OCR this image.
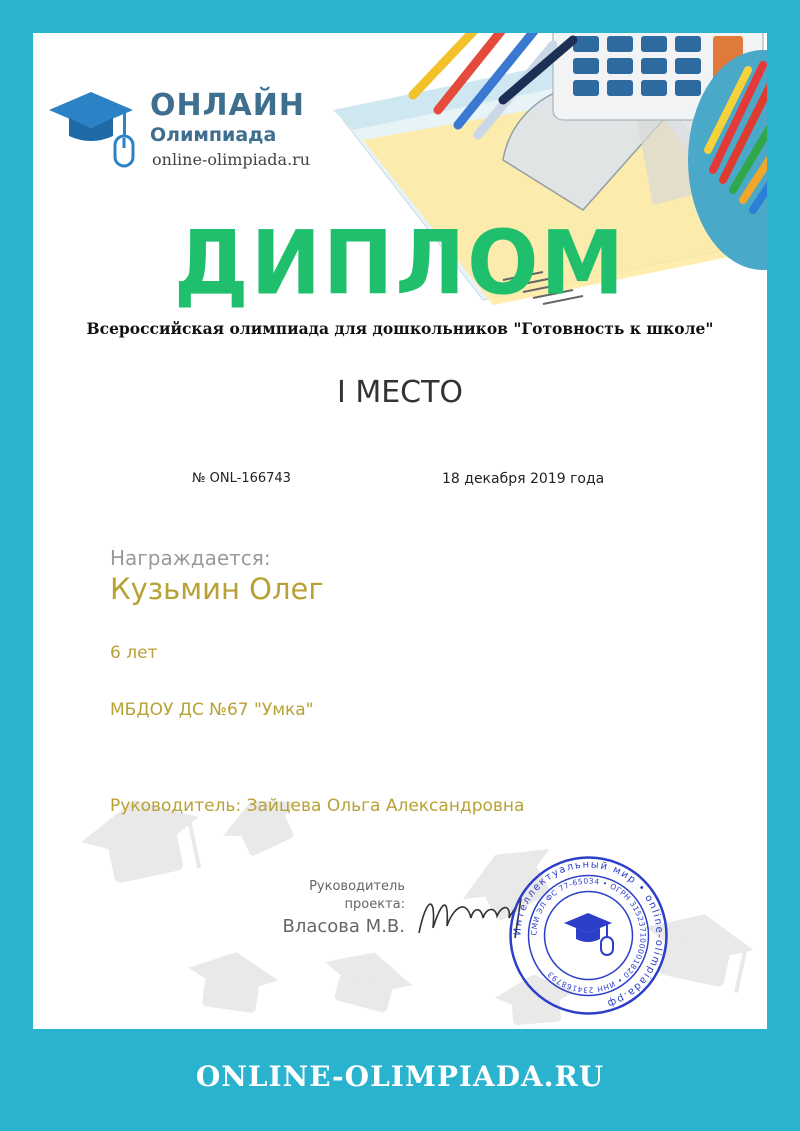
ОНЛАЙН
Олимпиада
online-olimpiada.ru
ДИПЛОМ
Всероссийская олимпиада для дошкольников "Готовность к школе"
I МЕСТО
№ ONL-166743	18 декабря 2019 года
Награждается:
Кузьмин Олег
6 лет
МБДОУ ДС №67 "Умка"
Руководитель: Зайцева Ольга Александровна
Руководитель
проекта:
Власова М.В.	Интеллектуальный мир • online-olimpiada.рф
СМИ ЭЛ ФС 77-65034 • ОГРН 315237100001820 • ИНН 234168793
ONLINE-OLIMPIADA.RU
